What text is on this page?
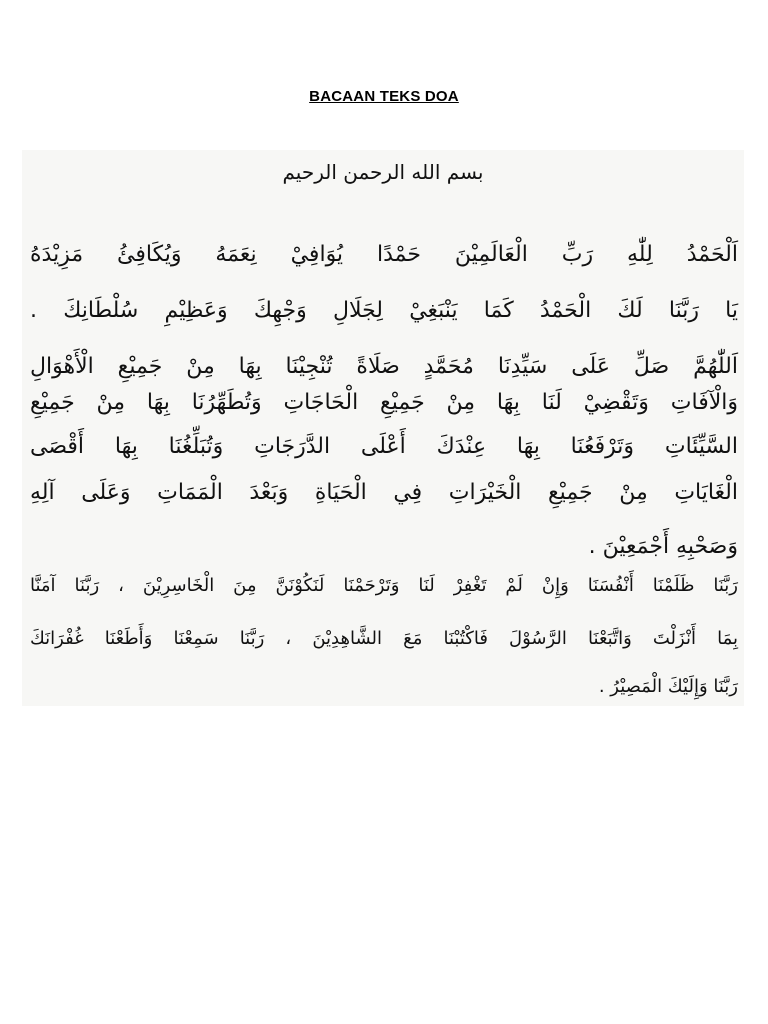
BACAAN TEKS DOA
بسم الله الرحمن الرحيم
اَلْحَمْدُ لِلّٰهِ رَبِّ الْعَالَمِيْنَ حَمْدًا يُوَافِيْ نِعَمَهُ وَيُكَافِئُ مَزِيْدَهُ
يَا رَبَّنَا لَكَ الْحَمْدُ كَمَا يَنْبَغِيْ لِجَلَالِ وَجْهِكَ وَعَظِيْمِ سُلْطَانِكَ .
اَللّٰهُمَّ صَلِّ عَلَى سَيِّدِنَا مُحَمَّدٍ صَلَاةً تُنْجِيْنَا بِهَا مِنْ جَمِيْعِ الْأَهْوَالِ
وَالْآفَاتِ وَتَقْضِيْ لَنَا بِهَا مِنْ جَمِيْعِ الْحَاجَاتِ وَتُطَهِّرُنَا بِهَا مِنْ جَمِيْعِ
السَّيِّئَاتِ وَتَرْفَعُنَا بِهَا عِنْدَكَ أَعْلَى الدَّرَجَاتِ وَتُبَلِّغُنَا بِهَا أَقْصَى
الْغَايَاتِ مِنْ جَمِيْعِ الْخَيْرَاتِ فِي الْحَيَاةِ وَبَعْدَ الْمَمَاتِ وَعَلَى آلِهِ
وَصَحْبِهِ أَجْمَعِيْنَ .
رَبَّنَا ظَلَمْنَا أَنْفُسَنَا وَإِنْ لَمْ تَغْفِرْ لَنَا وَتَرْحَمْنَا لَنَكُوْنَنَّ مِنَ الْخَاسِرِيْنَ ، رَبَّنَا آمَنَّا
بِمَا أَنْزَلْتَ وَاتَّبَعْنَا الرَّسُوْلَ فَاكْتُبْنَا مَعَ الشَّاهِدِيْنَ ، رَبَّنَا سَمِعْنَا وَأَطَعْنَا غُفْرَانَكَ
رَبَّنَا وَإِلَيْكَ الْمَصِيْرُ .
